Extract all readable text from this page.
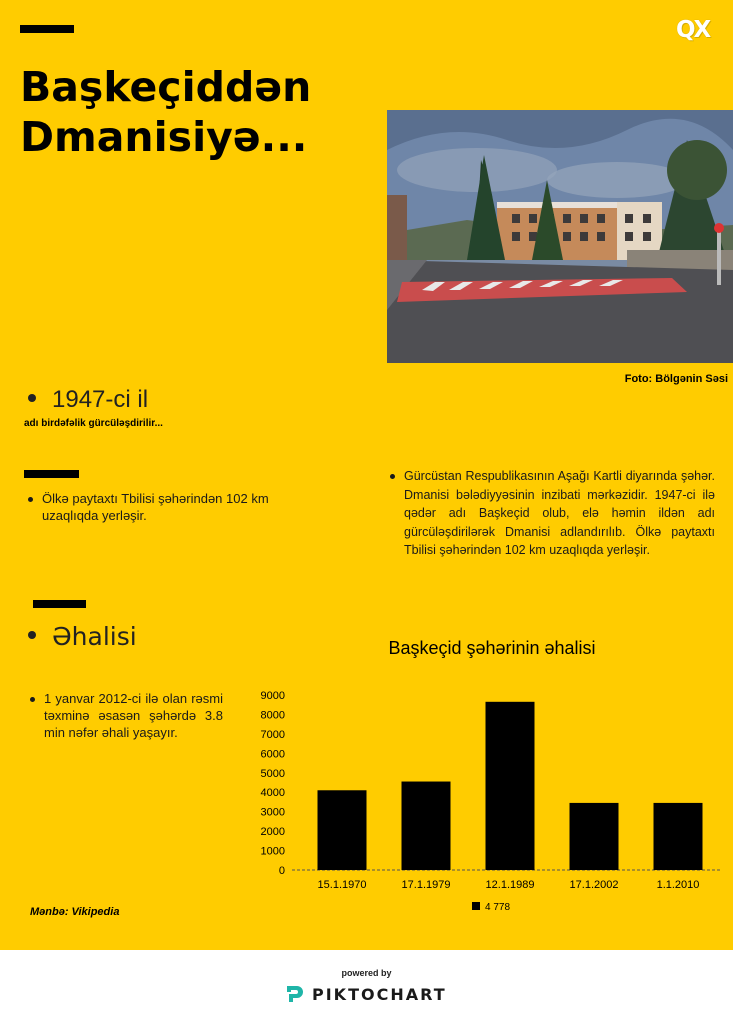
QX
Başkeçiddən Dmanisiyə...
Foto: Bölgənin Səsi
1947-ci il
adı birdəfəlik gürcüləşdirilir...
Ölkə paytaxtı Tbilisi şəhərindən 102 km uzaqlıqda yerləşir.
Gürcüstan Respublikasının Aşağı Kartli diyarında şəhər. Dmanisi bələdiyyəsinin inzibati mərkəzidir. 1947-ci ilə qədər adı Başkeçid olub, elə həmin ildən adı gürcüləşdirilərək Dmanisi adlandırılıb. Ölkə paytaxtı Tbilisi şəhərindən 102 km uzaqlıqda yerləşir.
Əhalisi
1 yanvar 2012-ci ilə olan rəsmi təxminə əsasən şəhərdə 3.8 min nəfər əhali yaşayır.
Başkeçid şəhərinin əhalisi
0
1000
2000
3000
4000
5000
6000
7000
8000
9000
15.1.1970	17.1.1979	12.1.1989	17.1.2002	1.1.2010
4 778
Mənbə: Vikipedia
powered by
PIKTOCHART
